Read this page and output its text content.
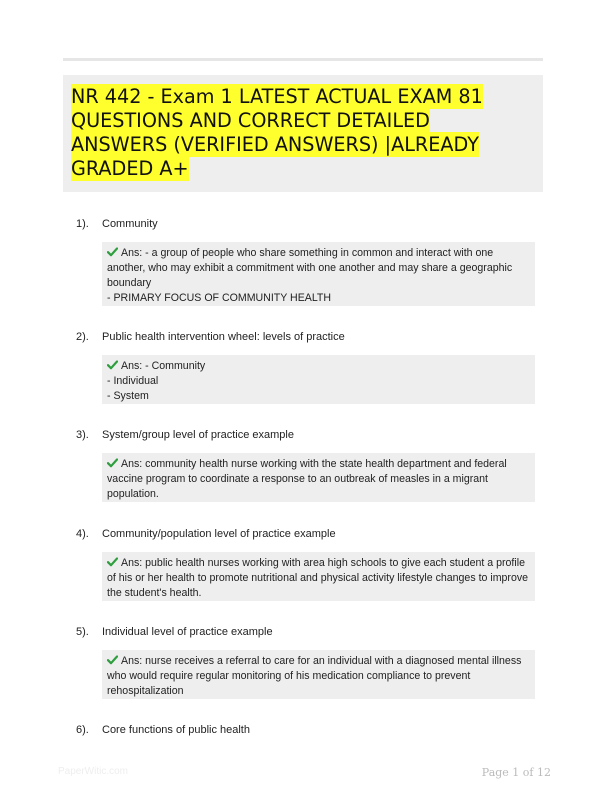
NR 442 - Exam 1 LATEST ACTUAL EXAM 81 QUESTIONS AND CORRECT DETAILED ANSWERS (VERIFIED ANSWERS) |ALREADY GRADED A+
1). Community
Ans: - a group of people who share something in common and interact with one another, who may exhibit a commitment with one another and may share a geographic boundary
- PRIMARY FOCUS OF COMMUNITY HEALTH
2). Public health intervention wheel: levels of practice
Ans: - Community
- Individual
- System
3). System/group level of practice example
Ans: community health nurse working with the state health department and federal vaccine program to coordinate a response to an outbreak of measles in a migrant population.
4). Community/population level of practice example
Ans: public health nurses working with area high schools to give each student a profile of his or her health to promote nutritional and physical activity lifestyle changes to improve the student's health.
5). Individual level of practice example
Ans: nurse receives a referral to care for an individual with a diagnosed mental illness who would require regular monitoring of his medication compliance to prevent rehospitalization
6). Core functions of public health
PaperWitic.com	Page 1 of 12
